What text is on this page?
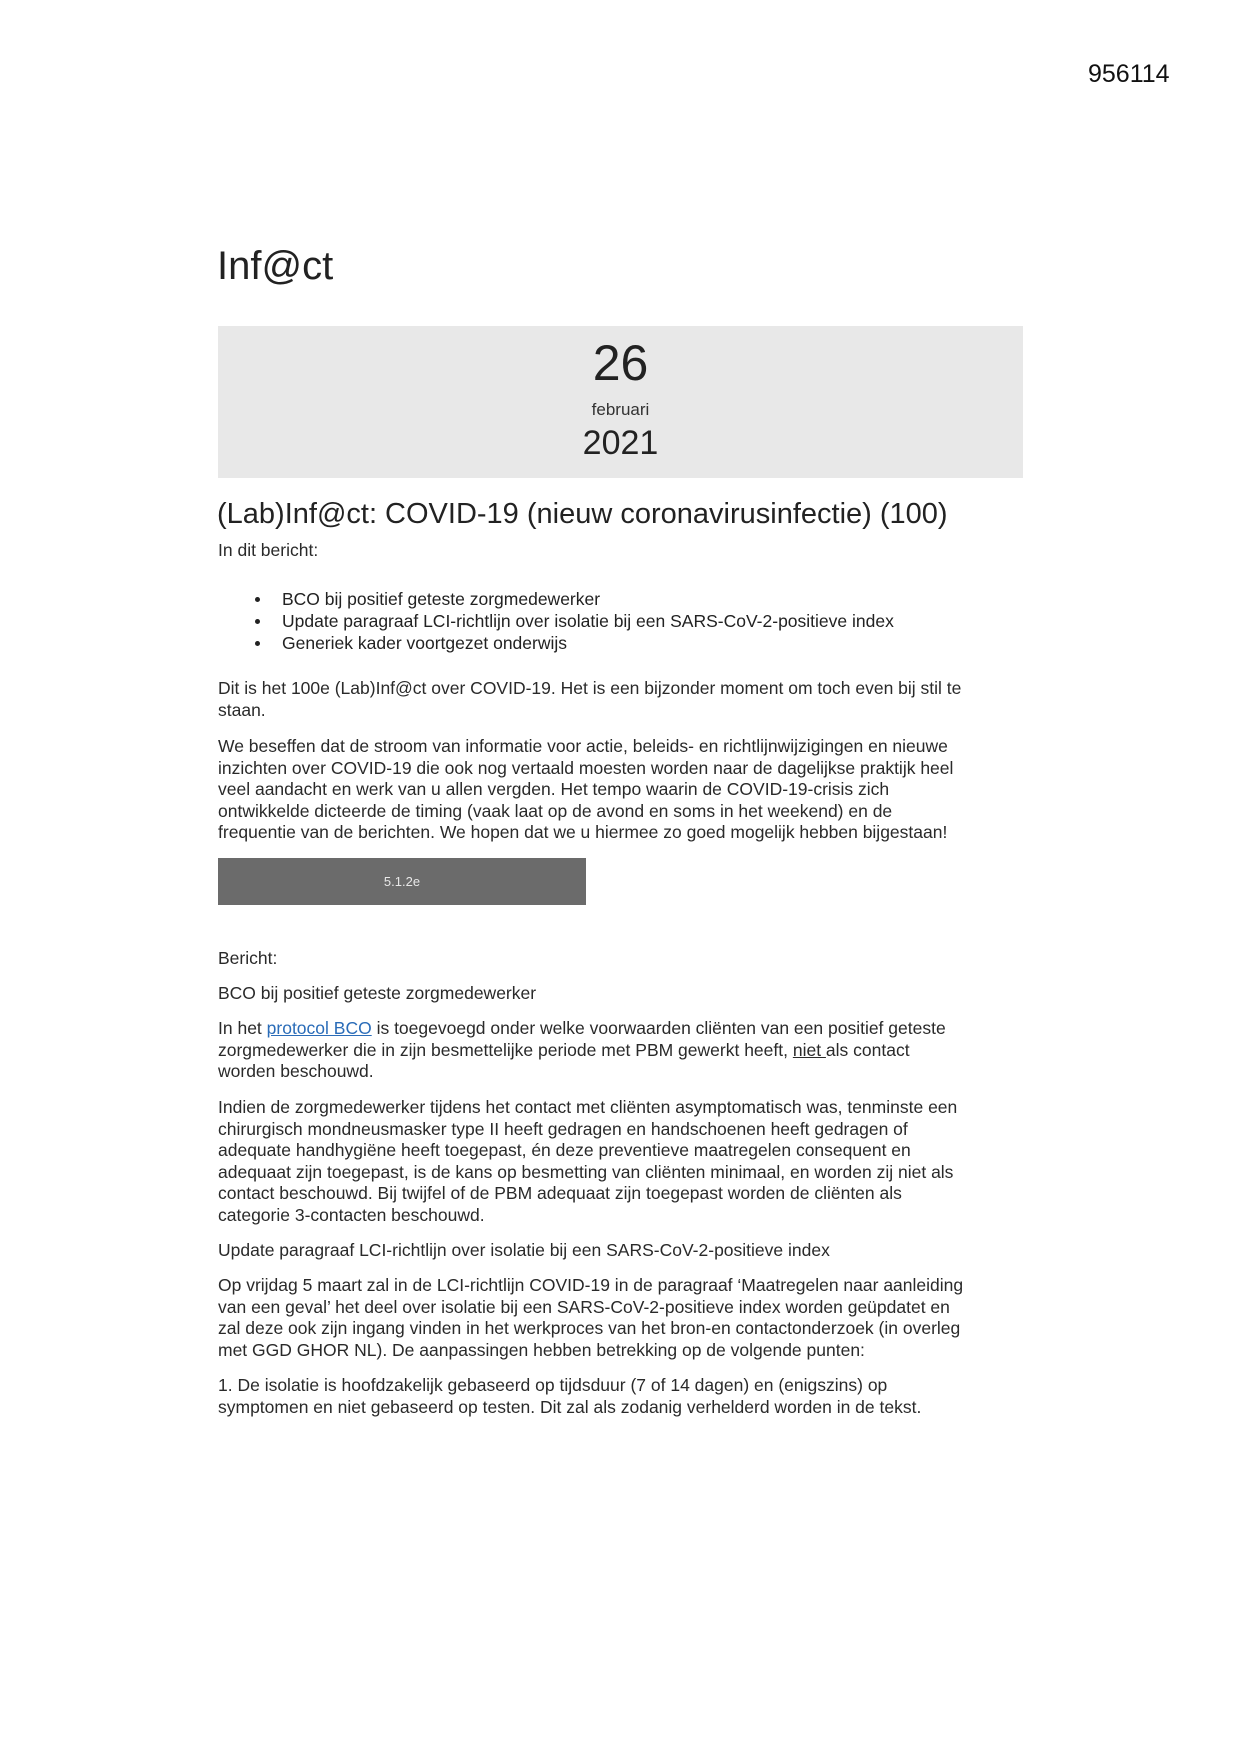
956114
Inf@ct
26
februari
2021
(Lab)Inf@ct: COVID-19 (nieuw coronavirusinfectie) (100)
In dit bericht:
BCO bij positief geteste zorgmedewerker
Update paragraaf LCI-richtlijn over isolatie bij een SARS-CoV-2-positieve index
Generiek kader voortgezet onderwijs
Dit is het 100e (Lab)Inf@ct over COVID-19. Het is een bijzonder moment om toch even bij stil te
staan.
We beseffen dat de stroom van informatie voor actie, beleids- en richtlijnwijzigingen en nieuwe
inzichten over COVID-19 die ook nog vertaald moesten worden naar de dagelijkse praktijk heel
veel aandacht en werk van u allen vergden. Het tempo waarin de COVID-19-crisis zich
ontwikkelde dicteerde de timing (vaak laat op de avond en soms in het weekend) en de
frequentie van de berichten. We hopen dat we u hiermee zo goed mogelijk hebben bijgestaan!
5.1.2e
Bericht:
BCO bij positief geteste zorgmedewerker
In het protocol BCO is toegevoegd onder welke voorwaarden cliënten van een positief geteste
zorgmedewerker die in zijn besmettelijke periode met PBM gewerkt heeft, niet als contact
worden beschouwd.
Indien de zorgmedewerker tijdens het contact met cliënten asymptomatisch was, tenminste een
chirurgisch mondneusmasker type II heeft gedragen en handschoenen heeft gedragen of
adequate handhygiëne heeft toegepast, én deze preventieve maatregelen consequent en
adequaat zijn toegepast, is de kans op besmetting van cliënten minimaal, en worden zij niet als
contact beschouwd. Bij twijfel of de PBM adequaat zijn toegepast worden de cliënten als
categorie 3-contacten beschouwd.
Update paragraaf LCI-richtlijn over isolatie bij een SARS-CoV-2-positieve index
Op vrijdag 5 maart zal in de LCI-richtlijn COVID-19 in de paragraaf ‘Maatregelen naar aanleiding
van een geval’ het deel over isolatie bij een SARS-CoV-2-positieve index worden geüpdatet en
zal deze ook zijn ingang vinden in het werkproces van het bron-en contactonderzoek (in overleg
met GGD GHOR NL). De aanpassingen hebben betrekking op de volgende punten:
1. De isolatie is hoofdzakelijk gebaseerd op tijdsduur (7 of 14 dagen) en (enigszins) op
symptomen en niet gebaseerd op testen. Dit zal als zodanig verhelderd worden in de tekst.
